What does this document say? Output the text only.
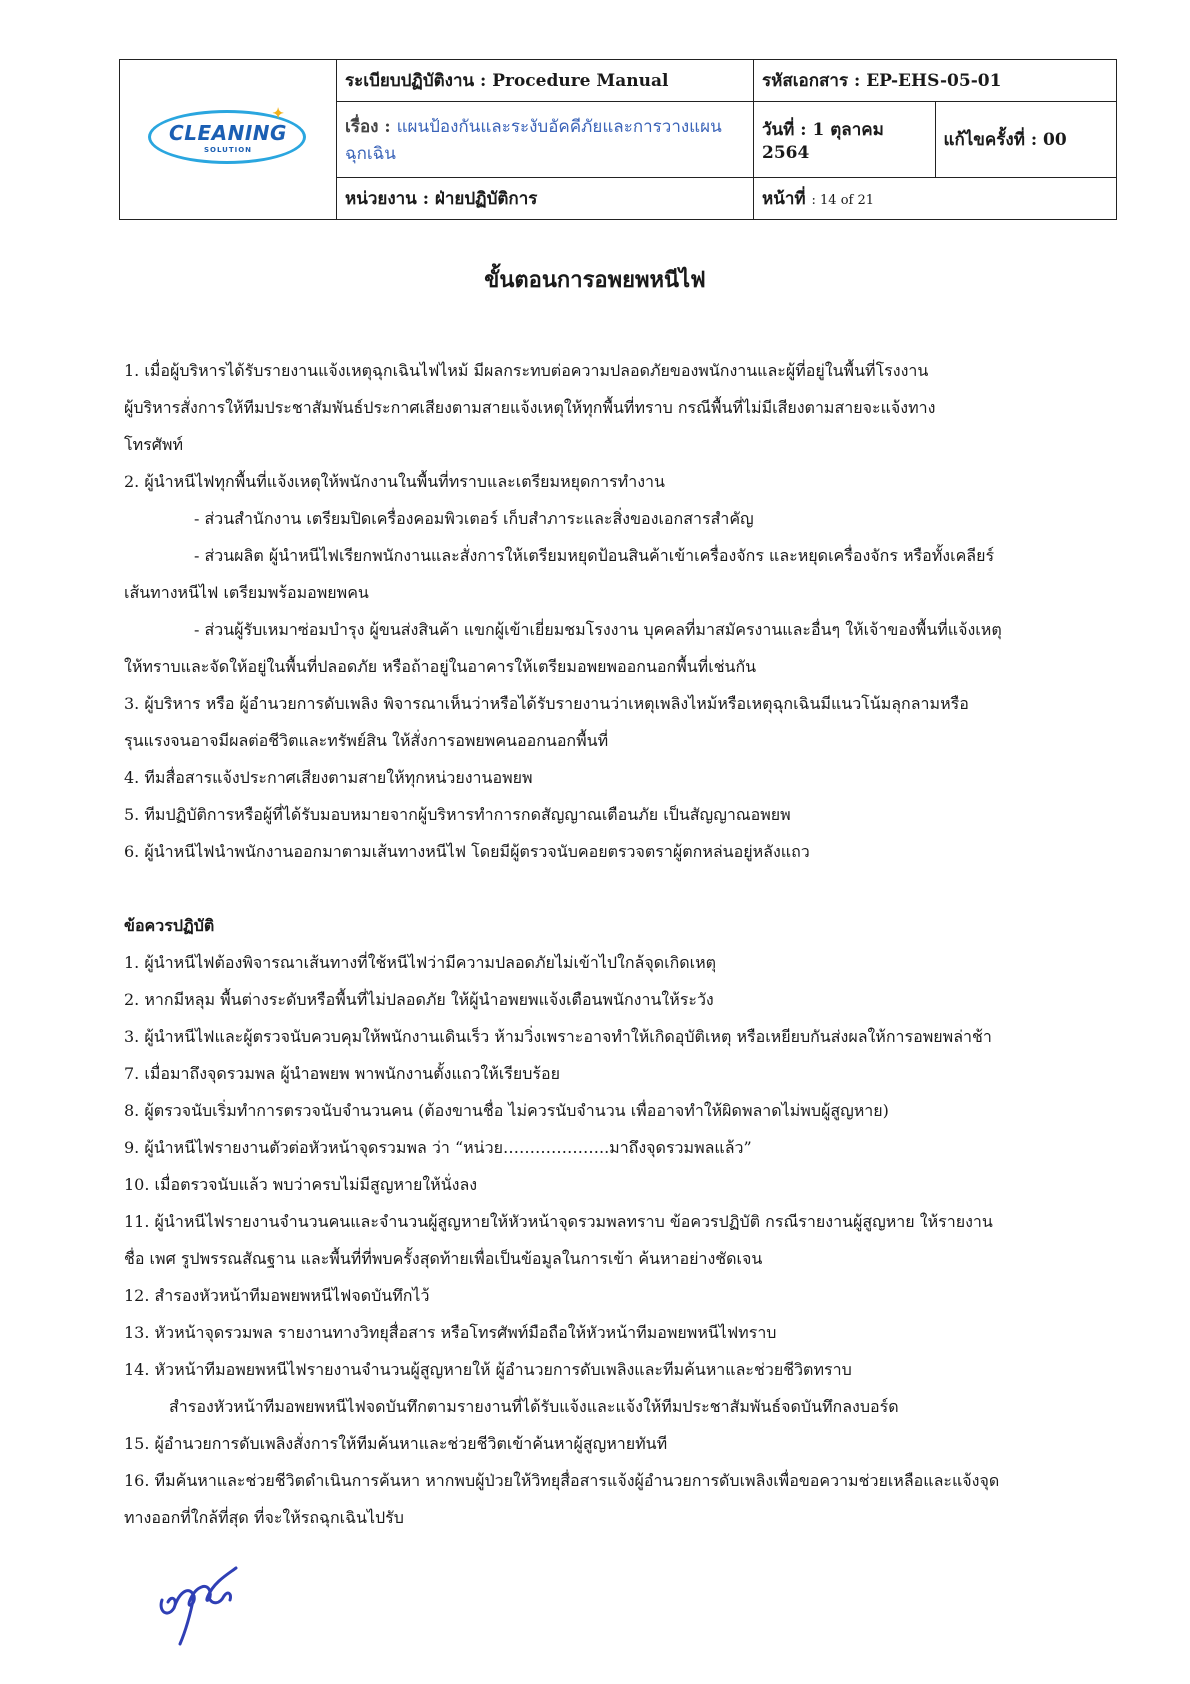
✦
CLEANING
SOLUTION	ระเบียบปฏิบัติงาน : Procedure Manual	รหัสเอกสาร : EP-EHS-05-01	
	เรื่อง : แผนป้องกันและระงับอัคคีภัยและการวางแผนฉุกเฉิน	วันที่ : 1 ตุลาคม 2564	แก้ไขครั้งที่ : 00
	หน่วยงาน : ฝ่ายปฏิบัติการ	หน้าที่ : 14 of 21	
ขั้นตอนการอพยพหนีไฟ

1. เมื่อผู้บริหารได้รับรายงานแจ้งเหตุฉุกเฉินไฟไหม้ มีผลกระทบต่อความปลอดภัยของพนักงานและผู้ที่อยู่ในพื้นที่โรงงาน

ผู้บริหารสั่งการให้ทีมประชาสัมพันธ์ประกาศเสียงตามสายแจ้งเหตุให้ทุกพื้นที่ทราบ กรณีพื้นที่ไม่มีเสียงตามสายจะแจ้งทาง

โทรศัพท์

2. ผู้นำหนีไฟทุกพื้นที่แจ้งเหตุให้พนักงานในพื้นที่ทราบและเตรียมหยุดการทำงาน

- ส่วนสำนักงาน เตรียมปิดเครื่องคอมพิวเตอร์ เก็บสำภาระและสิ่งของเอกสารสำคัญ

- ส่วนผลิต ผู้นำหนีไฟเรียกพนักงานและสั่งการให้เตรียมหยุดป้อนสินค้าเข้าเครื่องจักร และหยุดเครื่องจักร หรือทั้งเคลียร์

เส้นทางหนีไฟ เตรียมพร้อมอพยพคน

- ส่วนผู้รับเหมาซ่อมบำรุง ผู้ขนส่งสินค้า แขกผู้เข้าเยี่ยมชมโรงงาน บุคคลที่มาสมัครงานและอื่นๆ ให้เจ้าของพื้นที่แจ้งเหตุ

ให้ทราบและจัดให้อยู่ในพื้นที่ปลอดภัย หรือถ้าอยู่ในอาคารให้เตรียมอพยพออกนอกพื้นที่เช่นกัน

3. ผู้บริหาร หรือ ผู้อำนวยการดับเพลิง พิจารณาเห็นว่าหรือได้รับรายงานว่าเหตุเพลิงไหม้หรือเหตุฉุกเฉินมีแนวโน้มลุกลามหรือ

รุนแรงจนอาจมีผลต่อชีวิตและทรัพย์สิน ให้สั่งการอพยพคนออกนอกพื้นที่

4. ทีมสื่อสารแจ้งประกาศเสียงตามสายให้ทุกหน่วยงานอพยพ

5. ทีมปฏิบัติการหรือผู้ที่ได้รับมอบหมายจากผู้บริหารทำการกดสัญญาณเตือนภัย เป็นสัญญาณอพยพ

6. ผู้นำหนีไฟนำพนักงานออกมาตามเส้นทางหนีไฟ โดยมีผู้ตรวจนับคอยตรวจตราผู้ตกหล่นอยู่หลังแถว

ข้อควรปฏิบัติ

1. ผู้นำหนีไฟต้องพิจารณาเส้นทางที่ใช้หนีไฟว่ามีความปลอดภัยไม่เข้าไปใกล้จุดเกิดเหตุ

2. หากมีหลุม พื้นต่างระดับหรือพื้นที่ไม่ปลอดภัย ให้ผู้นำอพยพแจ้งเตือนพนักงานให้ระวัง

3. ผู้นำหนีไฟและผู้ตรวจนับควบคุมให้พนักงานเดินเร็ว ห้ามวิ่งเพราะอาจทำให้เกิดอุบัติเหตุ หรือเหยียบกันส่งผลให้การอพยพล่าช้า

7. เมื่อมาถึงจุดรวมพล ผู้นำอพยพ พาพนักงานตั้งแถวให้เรียบร้อย

8. ผู้ตรวจนับเริ่มทำการตรวจนับจำนวนคน (ต้องขานชื่อ ไม่ควรนับจำนวน เพื่ออาจทำให้ผิดพลาดไม่พบผู้สูญหาย)

9. ผู้นำหนีไฟรายงานตัวต่อหัวหน้าจุดรวมพล ว่า “หน่วย………………..มาถึงจุดรวมพลแล้ว”

10. เมื่อตรวจนับแล้ว พบว่าครบไม่มีสูญหายให้นั่งลง

11. ผู้นำหนีไฟรายงานจำนวนคนและจำนวนผู้สูญหายให้หัวหน้าจุดรวมพลทราบ ข้อควรปฏิบัติ กรณีรายงานผู้สูญหาย ให้รายงาน

ชื่อ เพศ รูปพรรณสัณฐาน และพื้นที่ที่พบครั้งสุดท้ายเพื่อเป็นข้อมูลในการเข้า ค้นหาอย่างชัดเจน

12. สำรองหัวหน้าทีมอพยพหนีไฟจดบันทึกไว้

13. หัวหน้าจุดรวมพล รายงานทางวิทยุสื่อสาร หรือโทรศัพท์มือถือให้หัวหน้าทีมอพยพหนีไฟทราบ

14. หัวหน้าทีมอพยพหนีไฟรายงานจำนวนผู้สูญหายให้ ผู้อำนวยการดับเพลิงและทีมค้นหาและช่วยชีวิตทราบ

สำรองหัวหน้าทีมอพยพหนีไฟจดบันทึกตามรายงานที่ได้รับแจ้งและแจ้งให้ทีมประชาสัมพันธ์จดบันทึกลงบอร์ด

15. ผู้อำนวยการดับเพลิงสั่งการให้ทีมค้นหาและช่วยชีวิตเข้าค้นหาผู้สูญหายทันที

16. ทีมค้นหาและช่วยชีวิตดำเนินการค้นหา หากพบผู้ป่วยให้วิทยุสื่อสารแจ้งผู้อำนวยการดับเพลิงเพื่อขอความช่วยเหลือและแจ้งจุด

ทางออกที่ใกล้ที่สุด ที่จะให้รถฉุกเฉินไปรับ
